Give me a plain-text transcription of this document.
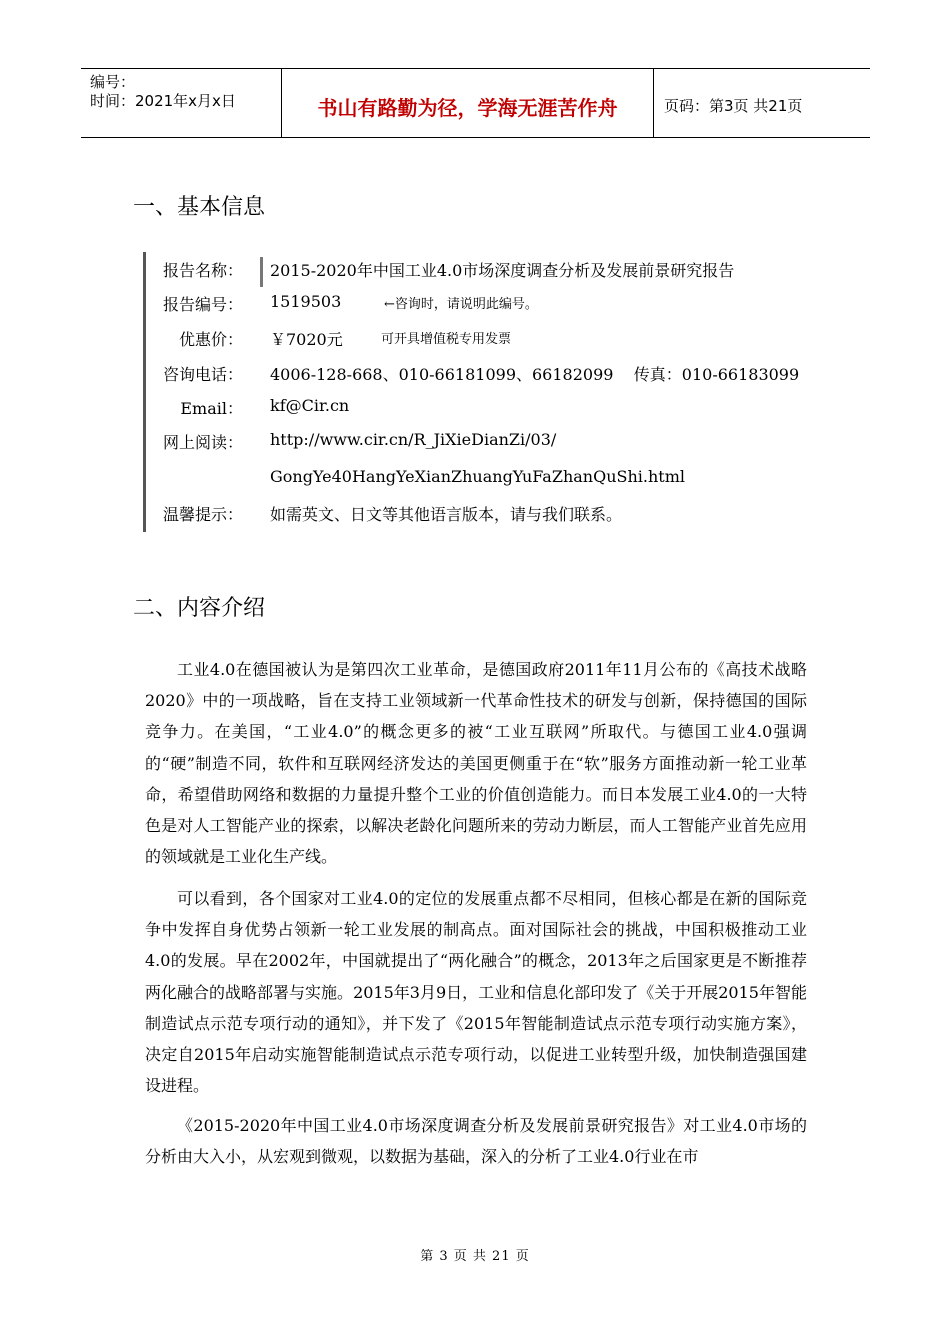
编号：
时间：2021年x月x日	书山有路勤为径，学海无涯苦作舟	页码：第3页 共21页
一、基本信息
报告名称： 2015-2020年中国工业4.0市场深度调查分析及发展前景研究报告
报告编号： 1519503	←咨询时，请说明此编号。
优惠价： ￥7020元	可开具增值税专用发票
咨询电话： 4006-128-668、010-66181099、66182099    传真：010-66183099
Email： kf@Cir.cn
网上阅读： http://www.cir.cn/R_JiXieDianZi/03/
GongYe40HangYeXianZhuangYuFaZhanQuShi.html
温馨提示： 如需英文、日文等其他语言版本，请与我们联系。
二、内容介绍

工业4.0在德国被认为是第四次工业革命，是德国政府2011年11月公布的《高技术战略2020》中的一项战略，旨在支持工业领域新一代革命性技术的研发与创新，保持德国的国际竞争力。在美国，“工业4.0”的概念更多的被“工业互联网”所取代。与德国工业4.0强调的“硬”制造不同，软件和互联网经济发达的美国更侧重于在“软”服务方面推动新一轮工业革命，希望借助网络和数据的力量提升整个工业的价值创造能力。而日本发展工业4.0的一大特色是对人工智能产业的探索，以解决老龄化问题所来的劳动力断层，而人工智能产业首先应用的领域就是工业化生产线。

可以看到，各个国家对工业4.0的定位的发展重点都不尽相同，但核心都是在新的国际竞争中发挥自身优势占领新一轮工业发展的制高点。面对国际社会的挑战，中国积极推动工业4.0的发展。早在2002年，中国就提出了“两化融合”的概念，2013年之后国家更是不断推荐两化融合的战略部署与实施。2015年3月9日，工业和信息化部印发了《关于开展2015年智能制造试点示范专项行动的通知》，并下发了《2015年智能制造试点示范专项行动实施方案》，决定自2015年启动实施智能制造试点示范专项行动，以促进工业转型升级，加快制造强国建设进程。

《2015-2020年中国工业4.0市场深度调查分析及发展前景研究报告》对工业4.0市场的分析由大入小，从宏观到微观，以数据为基础，深入的分析了工业4.0行业在市

第 3 页 共 21 页
